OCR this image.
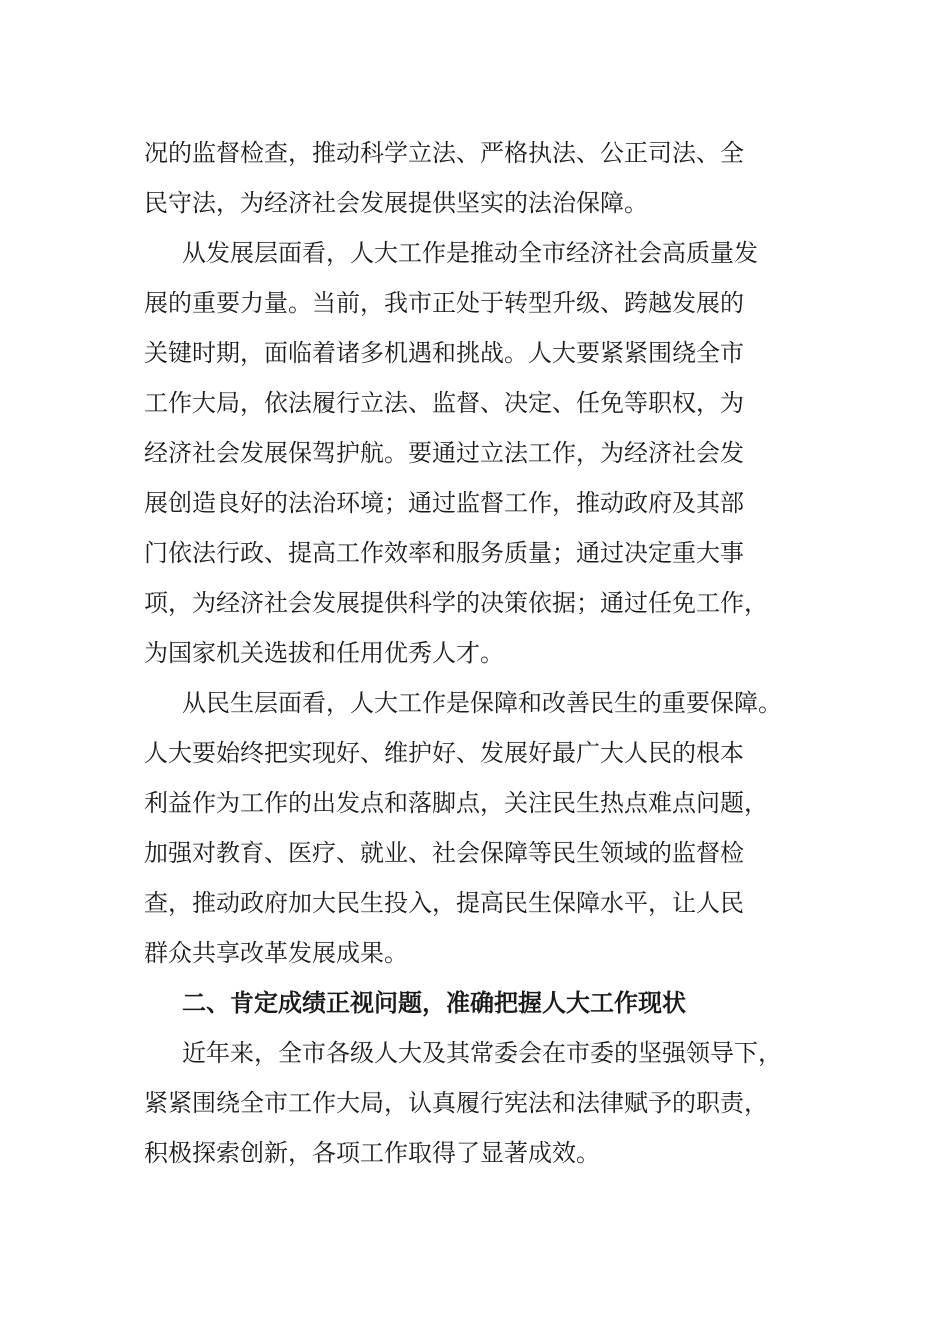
况的监督检查，推动科学立法、严格执法、公正司法、全
民守法，为经济社会发展提供坚实的法治保障。
从发展层面看，人大工作是推动全市经济社会高质量发
展的重要力量。当前，我市正处于转型升级、跨越发展的
关键时期，面临着诸多机遇和挑战。人大要紧紧围绕全市
工作大局，依法履行立法、监督、决定、任免等职权，为
经济社会发展保驾护航。要通过立法工作，为经济社会发
展创造良好的法治环境；通过监督工作，推动政府及其部
门依法行政、提高工作效率和服务质量；通过决定重大事
项，为经济社会发展提供科学的决策依据；通过任免工作，
为国家机关选拔和任用优秀人才。
从民生层面看，人大工作是保障和改善民生的重要保障。
人大要始终把实现好、维护好、发展好最广大人民的根本
利益作为工作的出发点和落脚点，关注民生热点难点问题，
加强对教育、医疗、就业、社会保障等民生领域的监督检
查，推动政府加大民生投入，提高民生保障水平，让人民
群众共享改革发展成果。
二、肯定成绩正视问题，准确把握人大工作现状
近年来，全市各级人大及其常委会在市委的坚强领导下，
紧紧围绕全市工作大局，认真履行宪法和法律赋予的职责，
积极探索创新，各项工作取得了显著成效。
